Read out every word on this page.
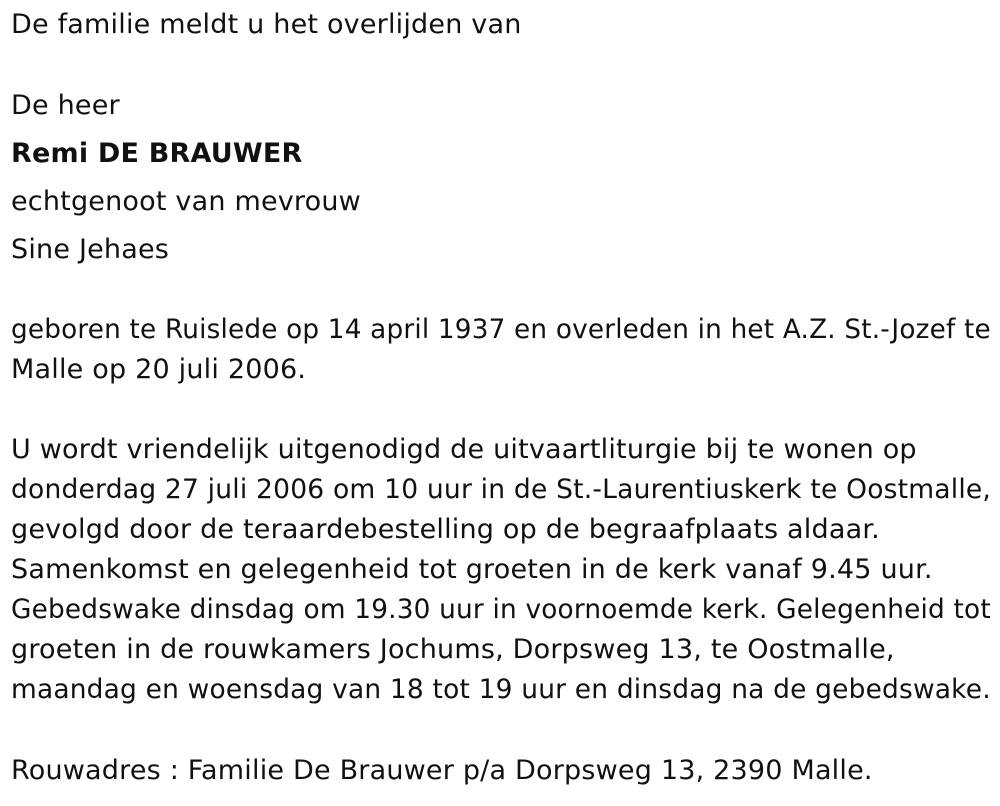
De familie meldt u het overlijden van
De heer
Remi DE BRAUWER
echtgenoot van mevrouw
Sine Jehaes
geboren te Ruislede op 14 april 1937 en overleden in het A.Z. St.-Jozef te
Malle op 20 juli 2006.
U wordt vriendelijk uitgenodigd de uitvaartliturgie bij te wonen op
donderdag 27 juli 2006 om 10 uur in de St.-Laurentiuskerk te Oostmalle,
gevolgd door de teraardebestelling op de begraafplaats aldaar.
Samenkomst en gelegenheid tot groeten in de kerk vanaf 9.45 uur.
Gebedswake dinsdag om 19.30 uur in voornoemde kerk. Gelegenheid tot
groeten in de rouwkamers Jochums, Dorpsweg 13, te Oostmalle,
maandag en woensdag van 18 tot 19 uur en dinsdag na de gebedswake.
Rouwadres : Familie De Brauwer p/a Dorpsweg 13, 2390 Malle.
